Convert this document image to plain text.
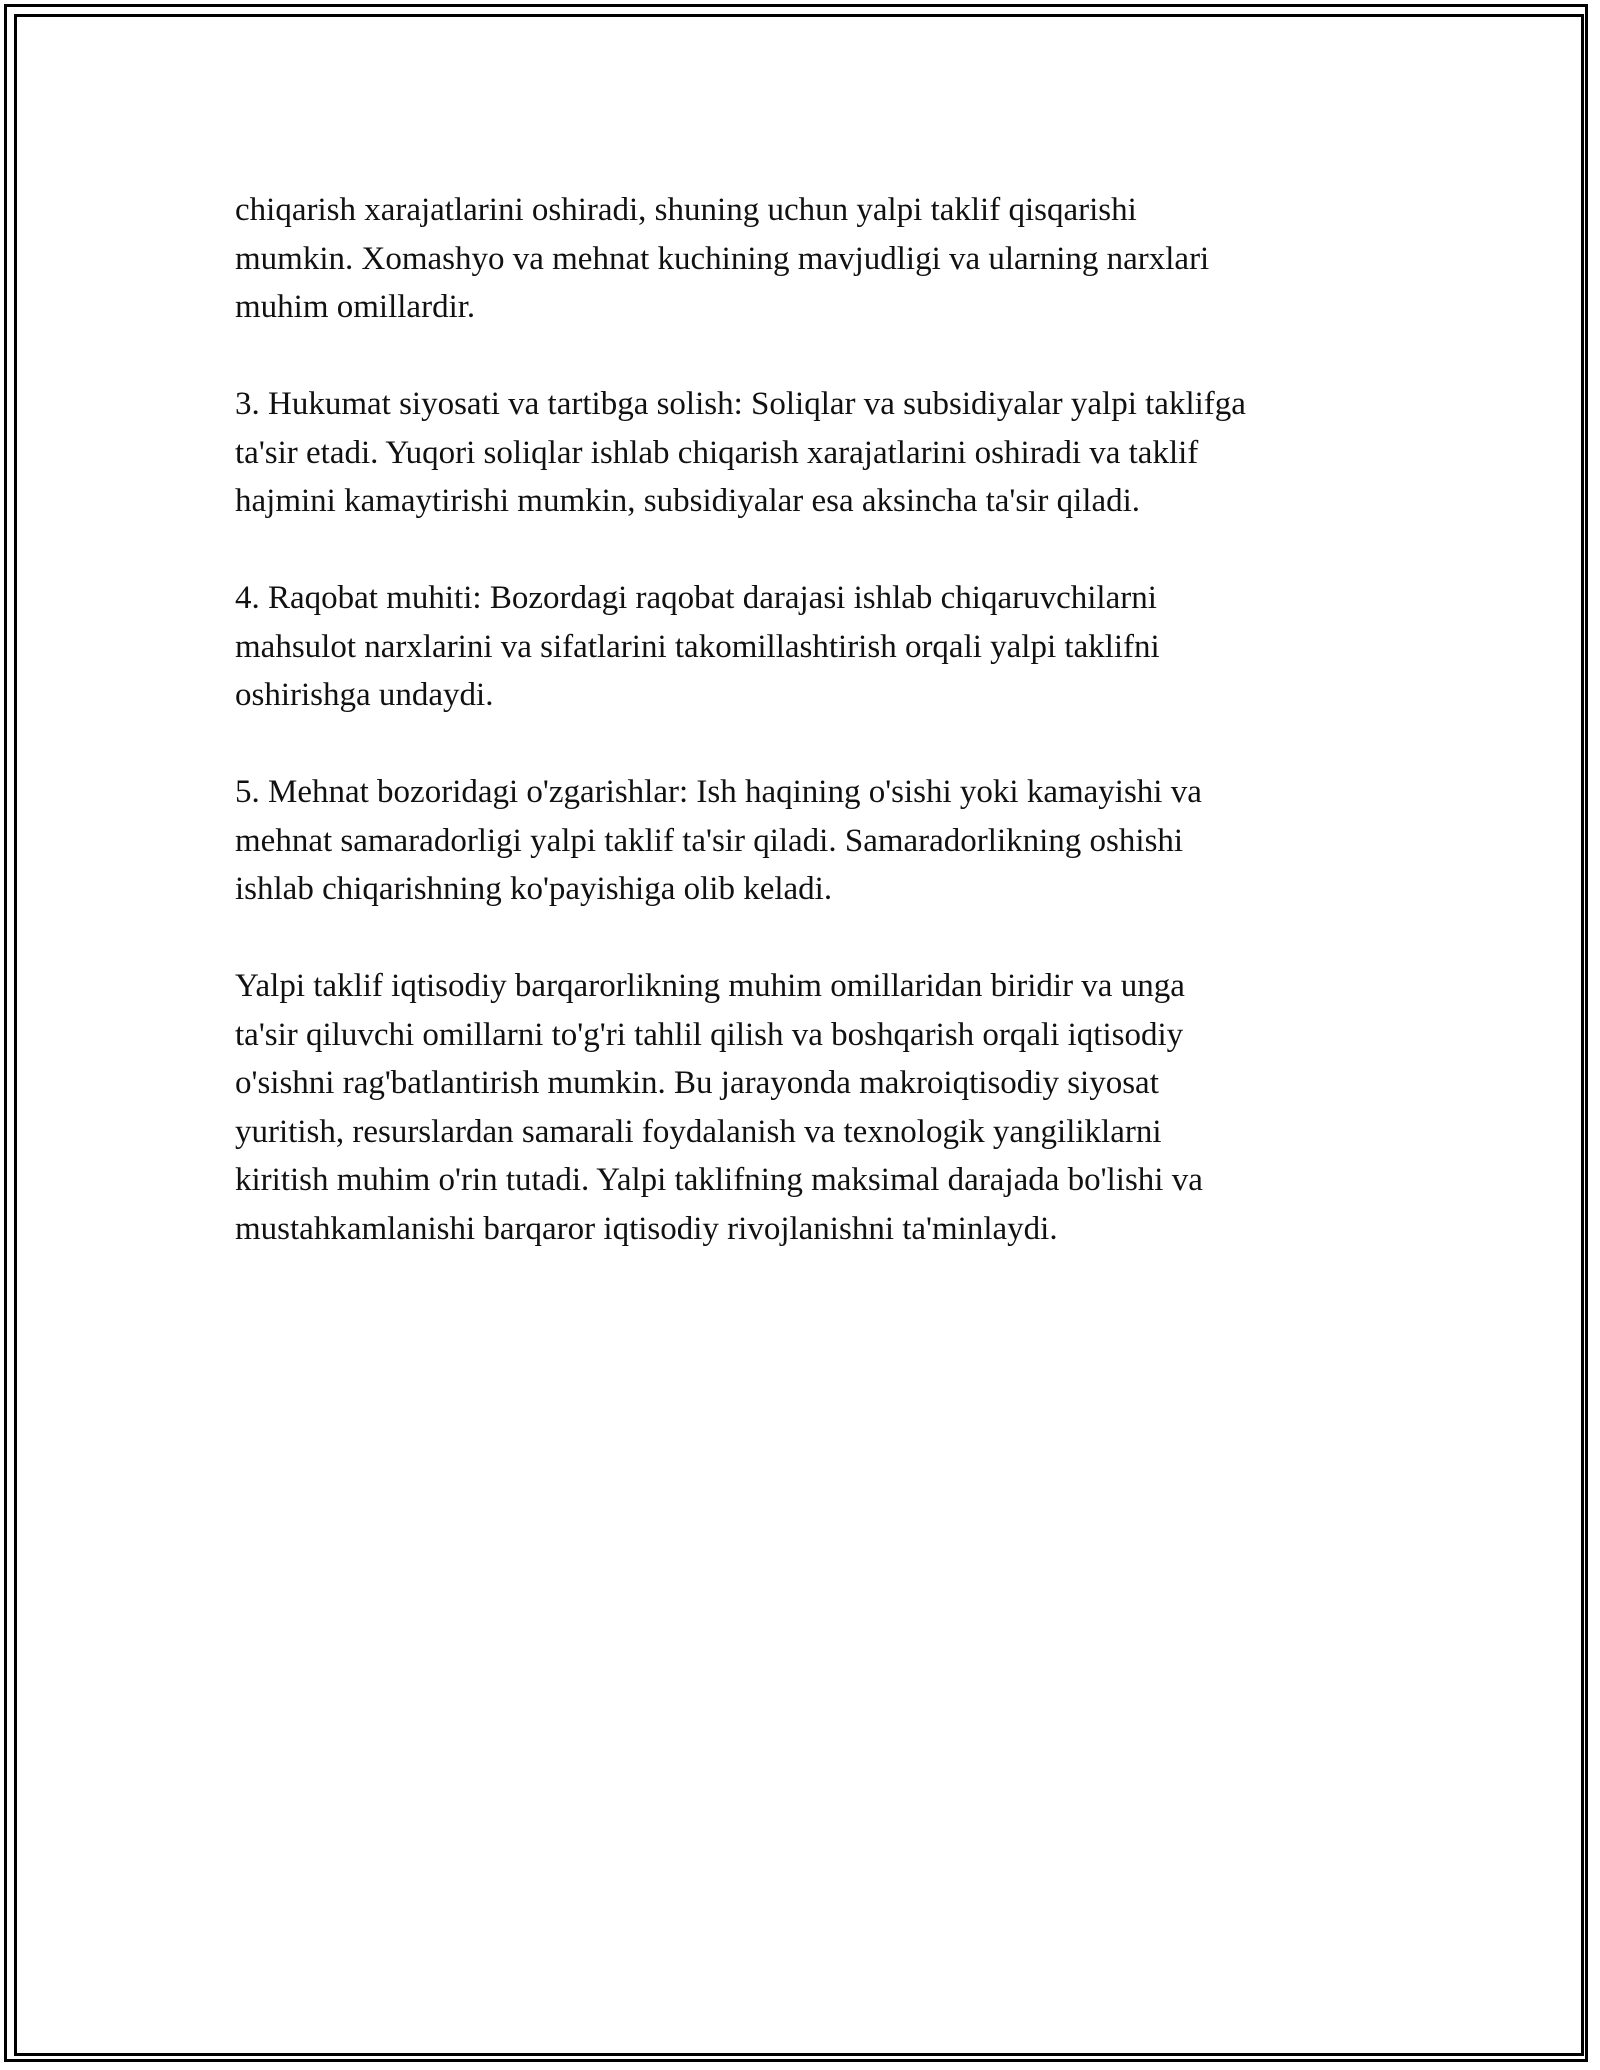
chiqarish xarajatlarini oshiradi, shuning uchun yalpi taklif qisqarishi
mumkin. Xomashyo va mehnat kuchining mavjudligi va ularning narxlari
muhim omillardir.

3. Hukumat siyosati va tartibga solish: Soliqlar va subsidiyalar yalpi taklifga
ta'sir etadi. Yuqori soliqlar ishlab chiqarish xarajatlarini oshiradi va taklif
hajmini kamaytirishi mumkin, subsidiyalar esa aksincha ta'sir qiladi.

4. Raqobat muhiti: Bozordagi raqobat darajasi ishlab chiqaruvchilarni
mahsulot narxlarini va sifatlarini takomillashtirish orqali yalpi taklifni
oshirishga undaydi.

5. Mehnat bozoridagi o'zgarishlar: Ish haqining o'sishi yoki kamayishi va
mehnat samaradorligi yalpi taklif ta'sir qiladi. Samaradorlikning oshishi
ishlab chiqarishning ko'payishiga olib keladi.

Yalpi taklif iqtisodiy barqarorlikning muhim omillaridan biridir va unga
ta'sir qiluvchi omillarni to'g'ri tahlil qilish va boshqarish orqali iqtisodiy
o'sishni rag'batlantirish mumkin. Bu jarayonda makroiqtisodiy siyosat
yuritish, resurslardan samarali foydalanish va texnologik yangiliklarni
kiritish muhim o'rin tutadi. Yalpi taklifning maksimal darajada bo'lishi va
mustahkamlanishi barqaror iqtisodiy rivojlanishni ta'minlaydi.
